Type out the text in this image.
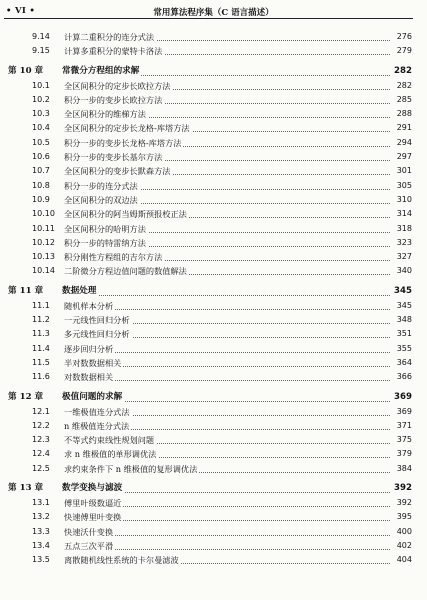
• VI •	常用算法程序集（C 语言描述）
9.14	计算二重积分的连分式法	276
9.15	计算多重积分的蒙特卡洛法	279
第 10 章 常微分方程组的求解	282
10.1	全区间积分的定步长欧拉方法	282
10.2	积分一步的变步长欧拉方法	285
10.3	全区间积分的维梯方法	288
10.4	全区间积分的定步长龙格-库塔方法	291
10.5	积分一步的变步长龙格-库塔方法	294
10.6	积分一步的变步长基尔方法	297
10.7	全区间积分的变步长默森方法	301
10.8	积分一步的连分式法	305
10.9	全区间积分的双边法	310
10.10	全区间积分的阿当姆斯预报校正法	314
10.11	全区间积分的哈明方法	318
10.12	积分一步的特雷纳方法	323
10.13	积分刚性方程组的吉尔方法	327
10.14	二阶微分方程边值问题的数值解法	340
第 11 章 数据处理	345
11.1	随机样本分析	345
11.2	一元线性回归分析	348
11.3	多元线性回归分析	351
11.4	逐步回归分析	355
11.5	半对数数据相关	364
11.6	对数数据相关	366
第 12 章 极值问题的求解	369
12.1	一维极值连分式法	369
12.2	n 维极值连分式法	371
12.3	不等式约束线性规划问题	375
12.4	求 n 维极值的单形调优法	379
12.5	求约束条件下 n 维极值的复形调优法	384
第 13 章 数学变换与滤波	392
13.1	傅里叶级数逼近	392
13.2	快速傅里叶变换	395
13.3	快速沃什变换	400
13.4	五点三次平滑	402
13.5	离散随机线性系统的卡尔曼滤波	404
